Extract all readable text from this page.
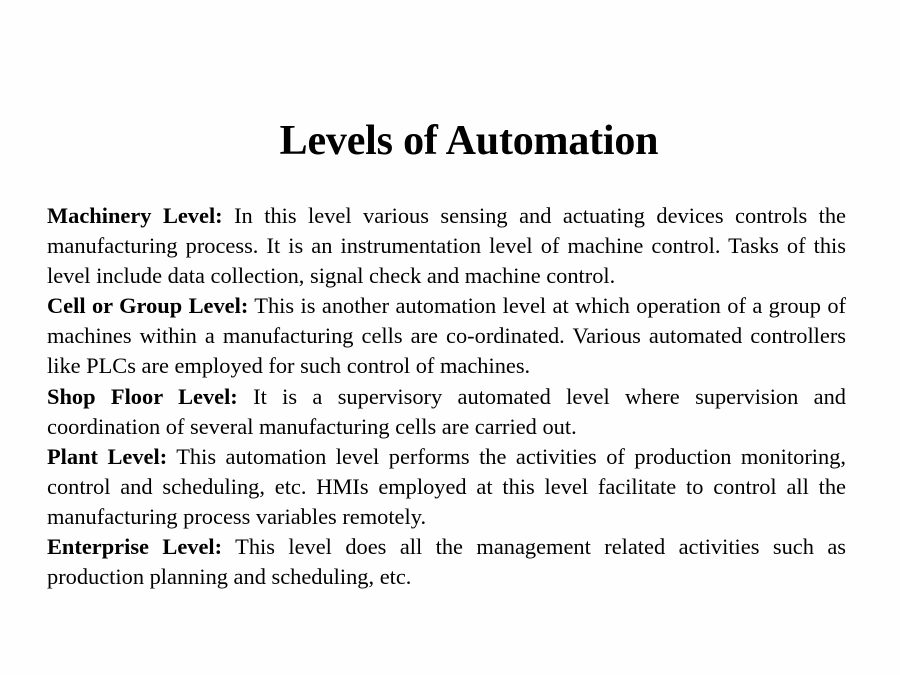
Levels of Automation

Machinery Level: In this level various sensing and actuating devices controls the manufacturing process. It is an instrumentation level of machine control. Tasks of this level include data collection, signal check and machine control.

Cell or Group Level: This is another automation level at which operation of a group of machines within a manufacturing cells are co-ordinated. Various automated controllers like PLCs are employed for such control of machines.

Shop Floor Level: It is a supervisory automated level where supervision and coordination of several manufacturing cells are carried out.

Plant Level: This automation level performs the activities of production monitoring, control and scheduling, etc. HMIs employed at this level facilitate to control all the manufacturing process variables remotely.

Enterprise Level: This level does all the management related activities such as production planning and scheduling, etc.
